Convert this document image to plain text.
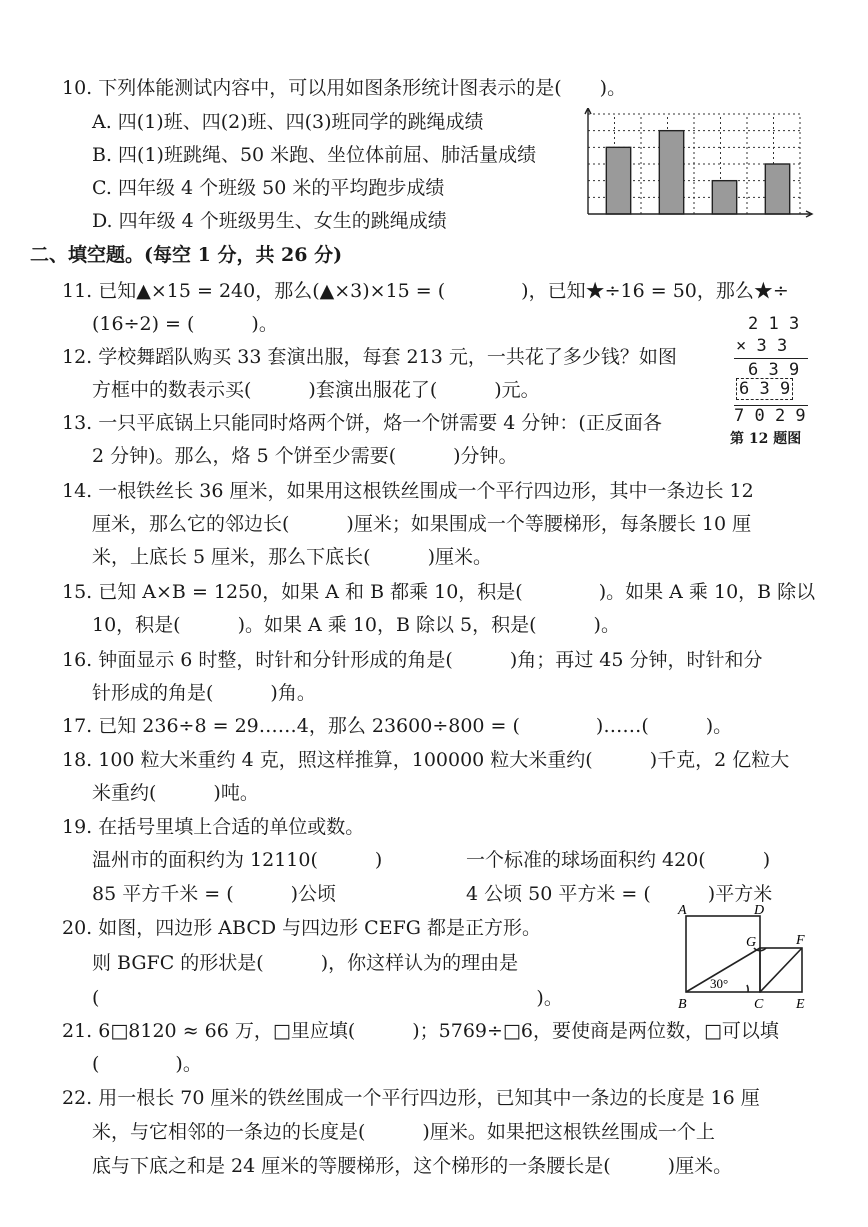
10. 下列体能测试内容中，可以用如图条形统计图表示的是(　　)。
A. 四(1)班、四(2)班、四(3)班同学的跳绳成绩
B. 四(1)班跳绳、50 米跑、坐位体前屈、肺活量成绩
C. 四年级 4 个班级 50 米的平均跑步成绩
D. 四年级 4 个班级男生、女生的跳绳成绩
二、填空题。(每空 1 分，共 26 分)
11. 已知▲×15 = 240，那么(▲×3)×15 = (　　　　)，已知★÷16 = 50，那么★÷
(16÷2) = (　　　)。
12. 学校舞蹈队购买 33 套演出服，每套 213 元，一共花了多少钱？如图
方框中的数表示买(　　　)套演出服花了(　　　)元。
2 1 3
× 3 3
6 3 9
6 3 9
7 0 2 9
第 12 题图
13. 一只平底锅上只能同时烙两个饼，烙一个饼需要 4 分钟：(正反面各
2 分钟)。那么，烙 5 个饼至少需要(　　　)分钟。
14. 一根铁丝长 36 厘米，如果用这根铁丝围成一个平行四边形，其中一条边长 12
厘米，那么它的邻边长(　　　)厘米；如果围成一个等腰梯形，每条腰长 10 厘
米，上底长 5 厘米，那么下底长(　　　)厘米。
15. 已知 A×B = 1250，如果 A 和 B 都乘 10，积是(　　　　)。如果 A 乘 10，B 除以
10，积是(　　　)。如果 A 乘 10，B 除以 5，积是(　　　)。
16. 钟面显示 6 时整，时针和分针形成的角是(　　　)角；再过 45 分钟，时针和分
针形成的角是(　　　)角。
17. 已知 236÷8 = 29……4，那么 23600÷800 = (　　　　)……(　　　)。
18. 100 粒大米重约 4 克，照这样推算，100000 粒大米重约(　　　)千克，2 亿粒大
米重约(　　　)吨。
19. 在括号里填上合适的单位或数。
温州市的面积约为 12110(　　　)	一个标准的球场面积约 420(　　　)
85 平方千米 = (　　　)公顷	4 公顷 50 平方米 = (　　　)平方米
20. 如图，四边形 ABCD 与四边形 CEFG 都是正方形。
则 BGFC 的形状是(　　　)，你这样认为的理由是
(　　　　　　　　　　　　　　　　　　　　　　　)。
A	D
G	F
B	C E
30°
21. 6□8120 ≈ 66 万，□里应填(　　　)；5769÷□6，要使商是两位数，□可以填
(　　　　)。
22. 用一根长 70 厘米的铁丝围成一个平行四边形，已知其中一条边的长度是 16 厘
米，与它相邻的一条边的长度是(　　　)厘米。如果把这根铁丝围成一个上
底与下底之和是 24 厘米的等腰梯形，这个梯形的一条腰长是(　　　)厘米。
